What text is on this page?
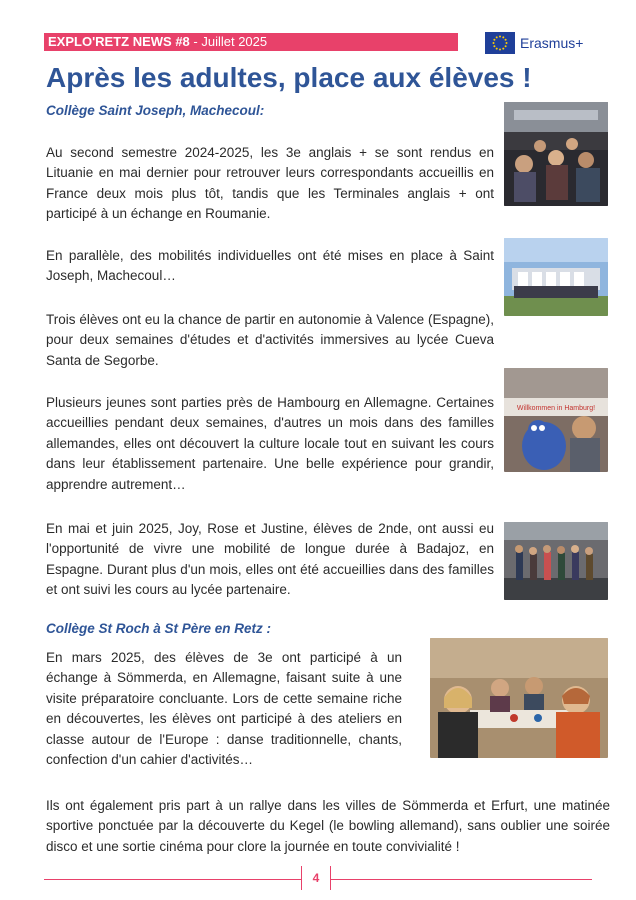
EXPLO'RETZ NEWS #8 - Juillet 2025	Erasmus+
Après les adultes, place aux élèves !

Collège Saint Joseph, Machecoul:

Au second semestre 2024-2025, les 3e anglais + se sont rendus en Lituanie en mai dernier pour retrouver leurs correspondants accueillis en France deux mois plus tôt, tandis que les Terminales anglais + ont participé à un échange en Roumanie.

En parallèle, des mobilités individuelles ont été mises en place à Saint Joseph, Machecoul…

Trois élèves ont eu la chance de partir en autonomie à Valence (Espagne), pour deux semaines d'études et d'activités immersives au lycée Cueva Santa de Segorbe.

Plusieurs jeunes sont parties près de Hambourg en Allemagne. Certaines accueillies pendant deux semaines, d'autres un mois dans des familles allemandes, elles ont découvert la culture locale tout en suivant les cours dans leur établissement partenaire. Une belle expérience pour grandir, apprendre autrement…

En mai et juin 2025, Joy, Rose et Justine, élèves de 2nde, ont aussi eu l'opportunité de vivre une mobilité de longue durée à Badajoz, en Espagne. Durant plus d'un mois, elles ont été accueillies dans des familles et ont suivi les cours au lycée partenaire.

Collège St Roch à St Père en Retz :

En mars 2025, des élèves de 3e ont participé à un échange à Sömmerda, en Allemagne, faisant suite à une visite préparatoire concluante. Lors de cette semaine riche en découvertes, les élèves ont participé à des ateliers en classe autour de l'Europe : danse traditionnelle, chants, confection d'un cahier d'activités…

Ils ont également pris part à un rallye dans les villes de Sömmerda et Erfurt, une matinée sportive ponctuée par la découverte du Kegel (le bowling allemand), sans oublier une soirée disco et une sortie cinéma pour clore la journée en toute convivialité !

Willkommen in Hamburg!
4
